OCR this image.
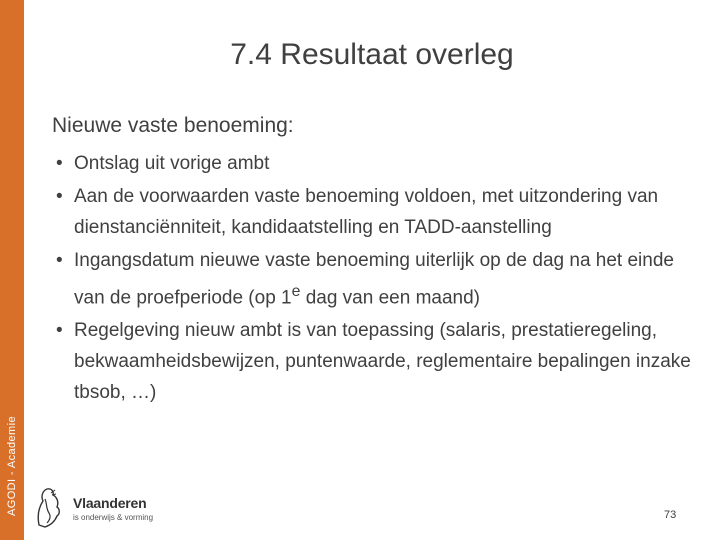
AGODI - Academie
7.4 Resultaat overleg
Nieuwe vaste benoeming:
• Ontslag uit vorige ambt
• Aan de voorwaarden vaste benoeming voldoen, met uitzondering van dienstanciënniteit, kandidaatstelling en TADD-aanstelling
• Ingangsdatum nieuwe vaste benoeming uiterlijk op de dag na het einde van de proefperiode (op 1e dag van een maand)
• Regelgeving nieuw ambt is van toepassing (salaris, prestatieregeling, bekwaamheidsbewijzen, puntenwaarde, reglementaire bepalingen inzake tbsob, …)
Vlaanderen
is onderwijs & vorming	73
